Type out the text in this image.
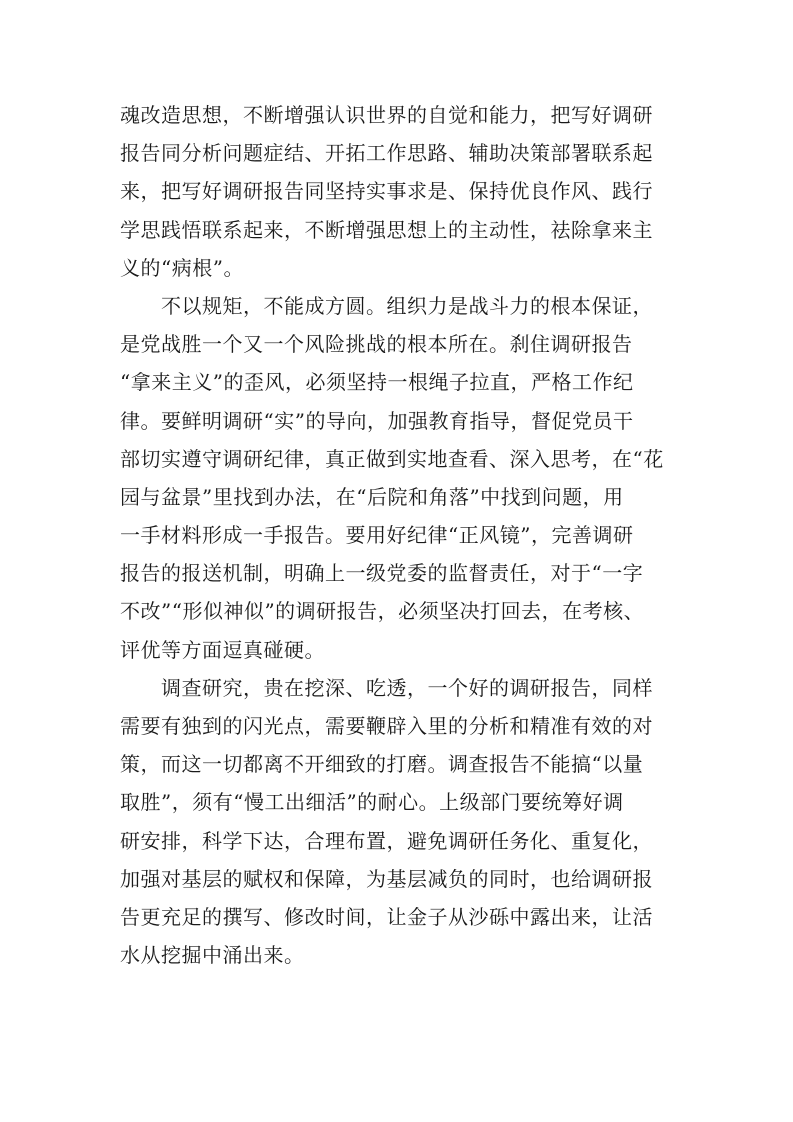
魂改造思想，不断增强认识世界的自觉和能力，把写好调研
报告同分析问题症结、开拓工作思路、辅助决策部署联系起
来，把写好调研报告同坚持实事求是、保持优良作风、践行
学思践悟联系起来，不断增强思想上的主动性，祛除拿来主
义的“病根”。
　　不以规矩，不能成方圆。组织力是战斗力的根本保证，
是党战胜一个又一个风险挑战的根本所在。刹住调研报告
“拿来主义”的歪风，必须坚持一根绳子拉直，严格工作纪
律。要鲜明调研“实”的导向，加强教育指导，督促党员干
部切实遵守调研纪律，真正做到实地查看、深入思考，在“花
园与盆景”里找到办法，在“后院和角落”中找到问题，用
一手材料形成一手报告。要用好纪律“正风镜”，完善调研
报告的报送机制，明确上一级党委的监督责任，对于“一字
不改”“形似神似”的调研报告，必须坚决打回去，在考核、
评优等方面逗真碰硬。
　　调查研究，贵在挖深、吃透，一个好的调研报告，同样
需要有独到的闪光点，需要鞭辟入里的分析和精准有效的对
策，而这一切都离不开细致的打磨。调查报告不能搞“以量
取胜”，须有“慢工出细活”的耐心。上级部门要统筹好调
研安排，科学下达，合理布置，避免调研任务化、重复化，
加强对基层的赋权和保障，为基层减负的同时，也给调研报
告更充足的撰写、修改时间，让金子从沙砾中露出来，让活
水从挖掘中涌出来。
